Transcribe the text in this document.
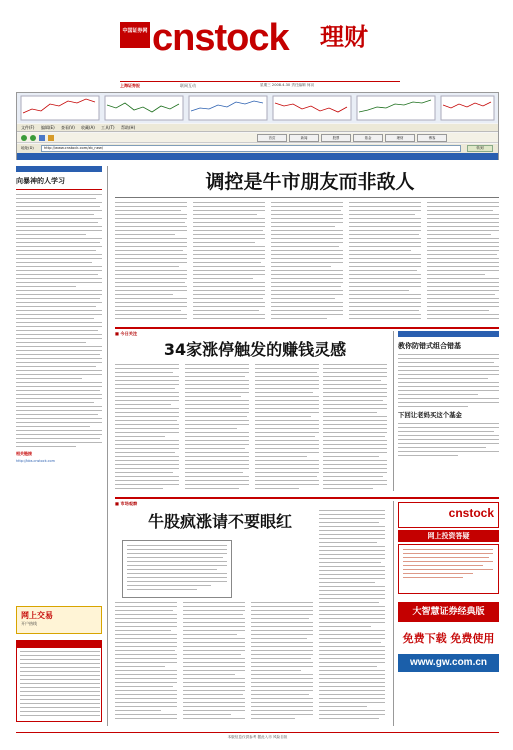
中国证券网 cnstock 理财
上海证券报	联网互动	星期三 2008.4.30 责任编辑 何羽
文件(F) 编辑(E) 查看(V) 收藏(A) 工具(T) 帮助(H)
首页	新闻	股票	基金	理财	博客
地址(D)	http://www.cnstock.com/zb_new/	转到
向暴神的人学习
相关链接
http://bbs.cnstock.com
网上交易
开户热线
调控是牛市朋友而非敌人
■ 今日关注
34家涨停触发的赚钱灵感	教你防错式组合错基
下回让老妈买这个基金
■ 市场观察
牛股疯涨请不要眼红	cnstock
网上投资答疑
大智慧证券经典版
免费下载 免费使用
www.gw.com.cn
本版信息仅供参考 据此入市 风险自担
